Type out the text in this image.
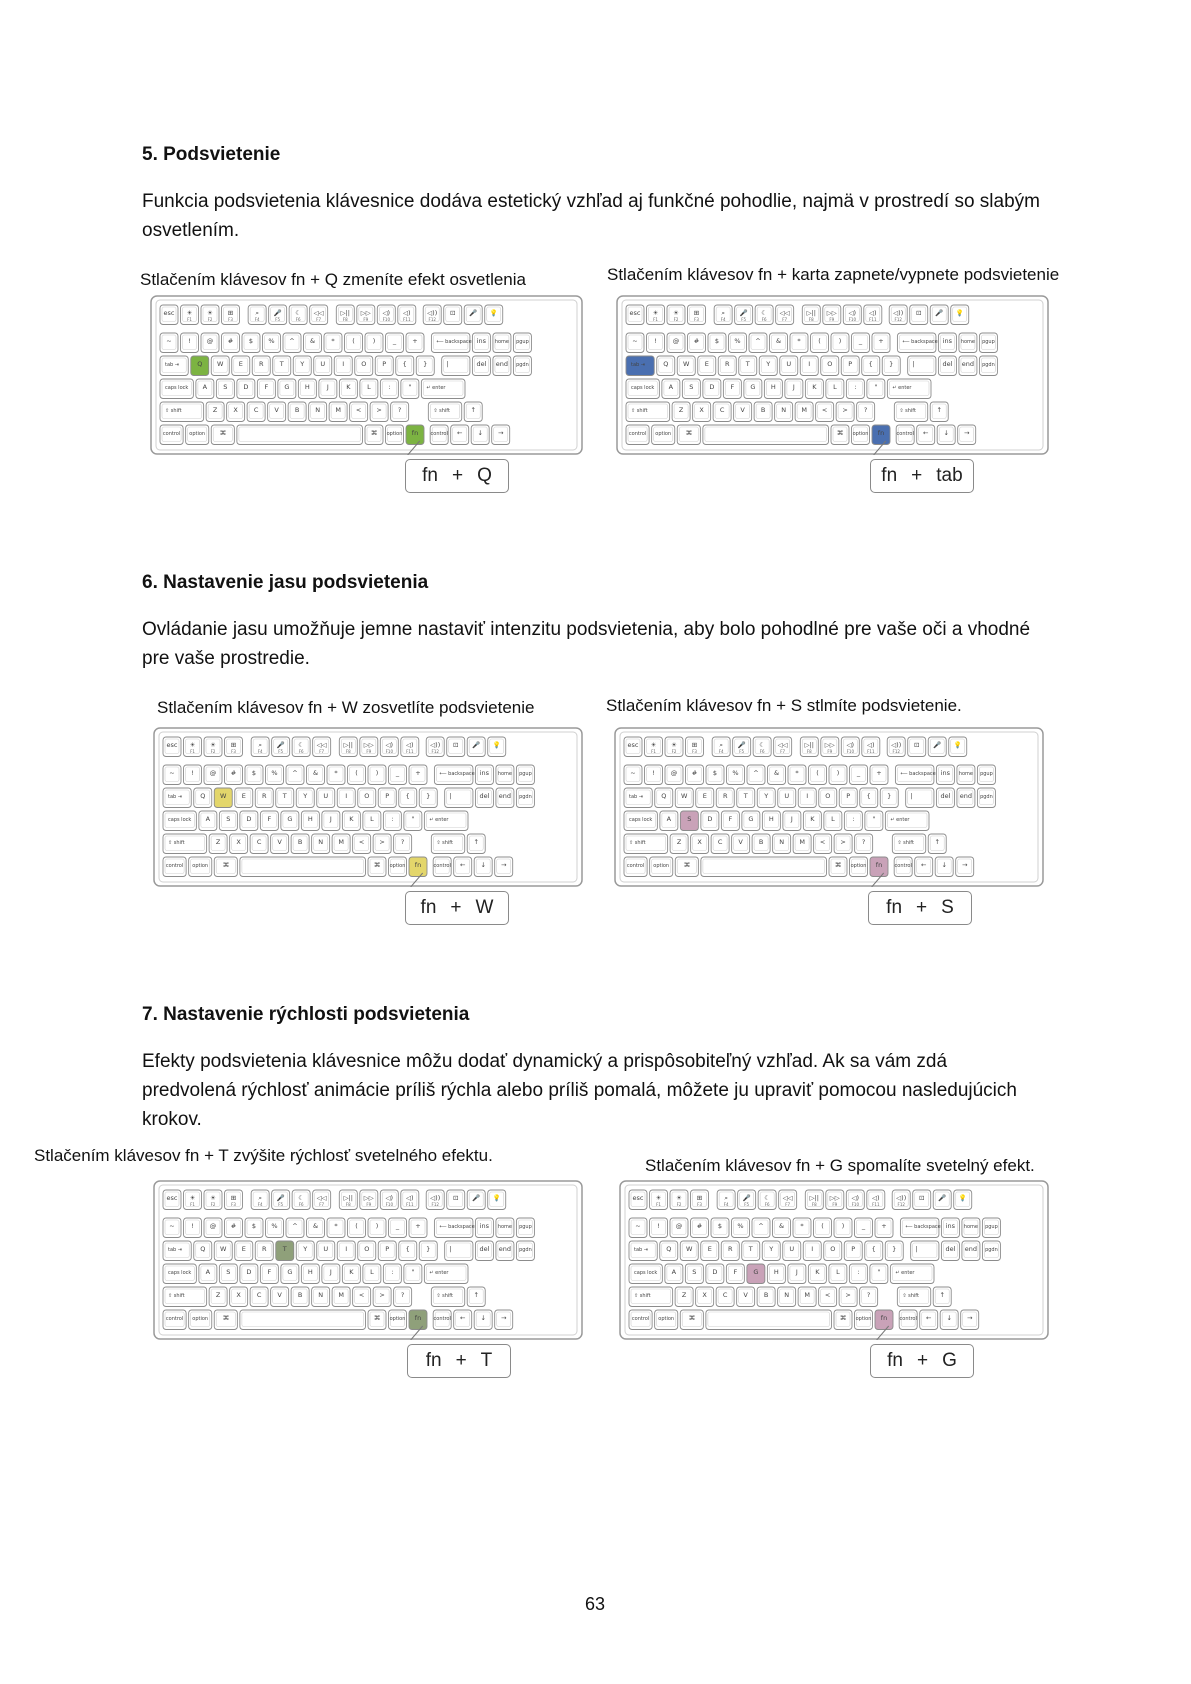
5. Podsvietenie
Funkcia podsvietenia klávesnice dodáva estetický vzhľad aj funkčné pohodlie, najmä v prostredí so slabým osvetlením.
Stlačením klávesov fn + Q zmeníte efekt osvetlenia	Stlačením klávesov fn + karta zapnete/vypnete podsvietenie
esc ☀
F1
☀
F2
⊞
F3
⌕
F4
🎤
F5
☾
F6
◁◁
F7
▷||
F8
▷▷
F9
◁)
F10
◁)
F11
◁))
F12
⊡ 🎤 💡
~	! @ # $ % ^ &	*	(	)	_ +	⟵ backspace ins home pgup
tab ⇥	Q W E R T	Y U	I	O P	{	}	|	del end pgdn
caps lock A S D F G H	J	K	L	:	"	↵ enter
⇧ shift	Z X C V B N M < > ?	⇧ shift	↑
control option ⌘	⌘ option fn control ← ↓ →
esc ☀
F1
☀
F2
⊞
F3
⌕
F4
🎤
F5
☾
F6
◁◁
F7
▷||
F8
▷▷
F9
◁)
F10
◁)
F11
◁))
F12
⊡ 🎤 💡
~	! @ # $ % ^ &	*	(	)	_ +	⟵ backspace ins home pgup
tab ⇥	Q W E R T	Y U	I	O P	{	}	|	del end pgdn
caps lock A S D F G H	J	K	L	:	"	↵ enter
⇧ shift	Z X C V B N M < > ?	⇧ shift	↑
control option ⌘	⌘ option fn control ← ↓ →
fn + Q	fn + tab
6. Nastavenie jasu podsvietenia
Ovládanie jasu umožňuje jemne nastaviť intenzitu podsvietenia, aby bolo pohodlné pre vaše oči a vhodné pre vaše prostredie.
Stlačením klávesov fn + W zosvetlíte podsvietenie	Stlačením klávesov fn + S stlmíte podsvietenie.
esc ☀
F1
☀
F2
⊞
F3
⌕
F4
🎤
F5
☾
F6
◁◁
F7
▷||
F8
▷▷
F9
◁)
F10
◁)
F11
◁))
F12
⊡ 🎤 💡
~	! @ # $ % ^ &	*	(	)	_ +	⟵ backspace ins home pgup
tab ⇥	Q W E R T	Y U	I	O P	{	}	|	del end pgdn
caps lock A S D F G H	J	K	L	:	"	↵ enter
⇧ shift	Z X C V B N M < > ?	⇧ shift	↑
control option ⌘	⌘ option fn control ← ↓ →
esc ☀
F1
☀
F2
⊞
F3
⌕
F4
🎤
F5
☾
F6
◁◁
F7
▷||
F8
▷▷
F9
◁)
F10
◁)
F11
◁))
F12
⊡ 🎤 💡
~	! @ # $ % ^ &	*	(	)	_ +	⟵ backspace ins home pgup
tab ⇥	Q W E R T	Y U	I	O P	{	}	|	del end pgdn
caps lock A S D F G H	J	K	L	:	"	↵ enter
⇧ shift	Z X C V B N M < > ?	⇧ shift	↑
control option ⌘	⌘ option fn control ← ↓ →
fn + W	fn + S
7. Nastavenie rýchlosti podsvietenia
Efekty podsvietenia klávesnice môžu dodať dynamický a prispôsobiteľný vzhľad. Ak sa vám zdá predvolená rýchlosť animácie príliš rýchla alebo príliš pomalá, môžete ju upraviť pomocou nasledujúcich krokov.
Stlačením klávesov fn + T zvýšite rýchlosť svetelného efektu.
Stlačením klávesov fn + G spomalíte svetelný efekt.
esc ☀
F1
☀
F2
⊞
F3
⌕
F4
🎤
F5
☾
F6
◁◁
F7
▷||
F8
▷▷
F9
◁)
F10
◁)
F11
◁))
F12
⊡ 🎤 💡
~	! @ # $ % ^ &	*	(	)	_ +	⟵ backspace ins home pgup
tab ⇥	Q W E R T	Y U	I	O P	{	}	|	del end pgdn
caps lock A S D F G H	J	K	L	:	"	↵ enter
⇧ shift	Z X C V B N M < > ?	⇧ shift	↑
control option ⌘	⌘ option fn control ← ↓ →
esc ☀
F1
☀
F2
⊞
F3
⌕
F4
🎤
F5
☾
F6
◁◁
F7
▷||
F8
▷▷
F9
◁)
F10
◁)
F11
◁))
F12
⊡ 🎤 💡
~	! @ # $ % ^ &	*	(	)	_ +	⟵ backspace ins home pgup
tab ⇥	Q W E R T	Y U	I	O P	{	}	|	del end pgdn
caps lock A S D F G H	J	K	L	:	"	↵ enter
⇧ shift	Z X C V B N M < > ?	⇧ shift	↑
control option ⌘	⌘ option fn control ← ↓ →
fn + T	fn + G
63
